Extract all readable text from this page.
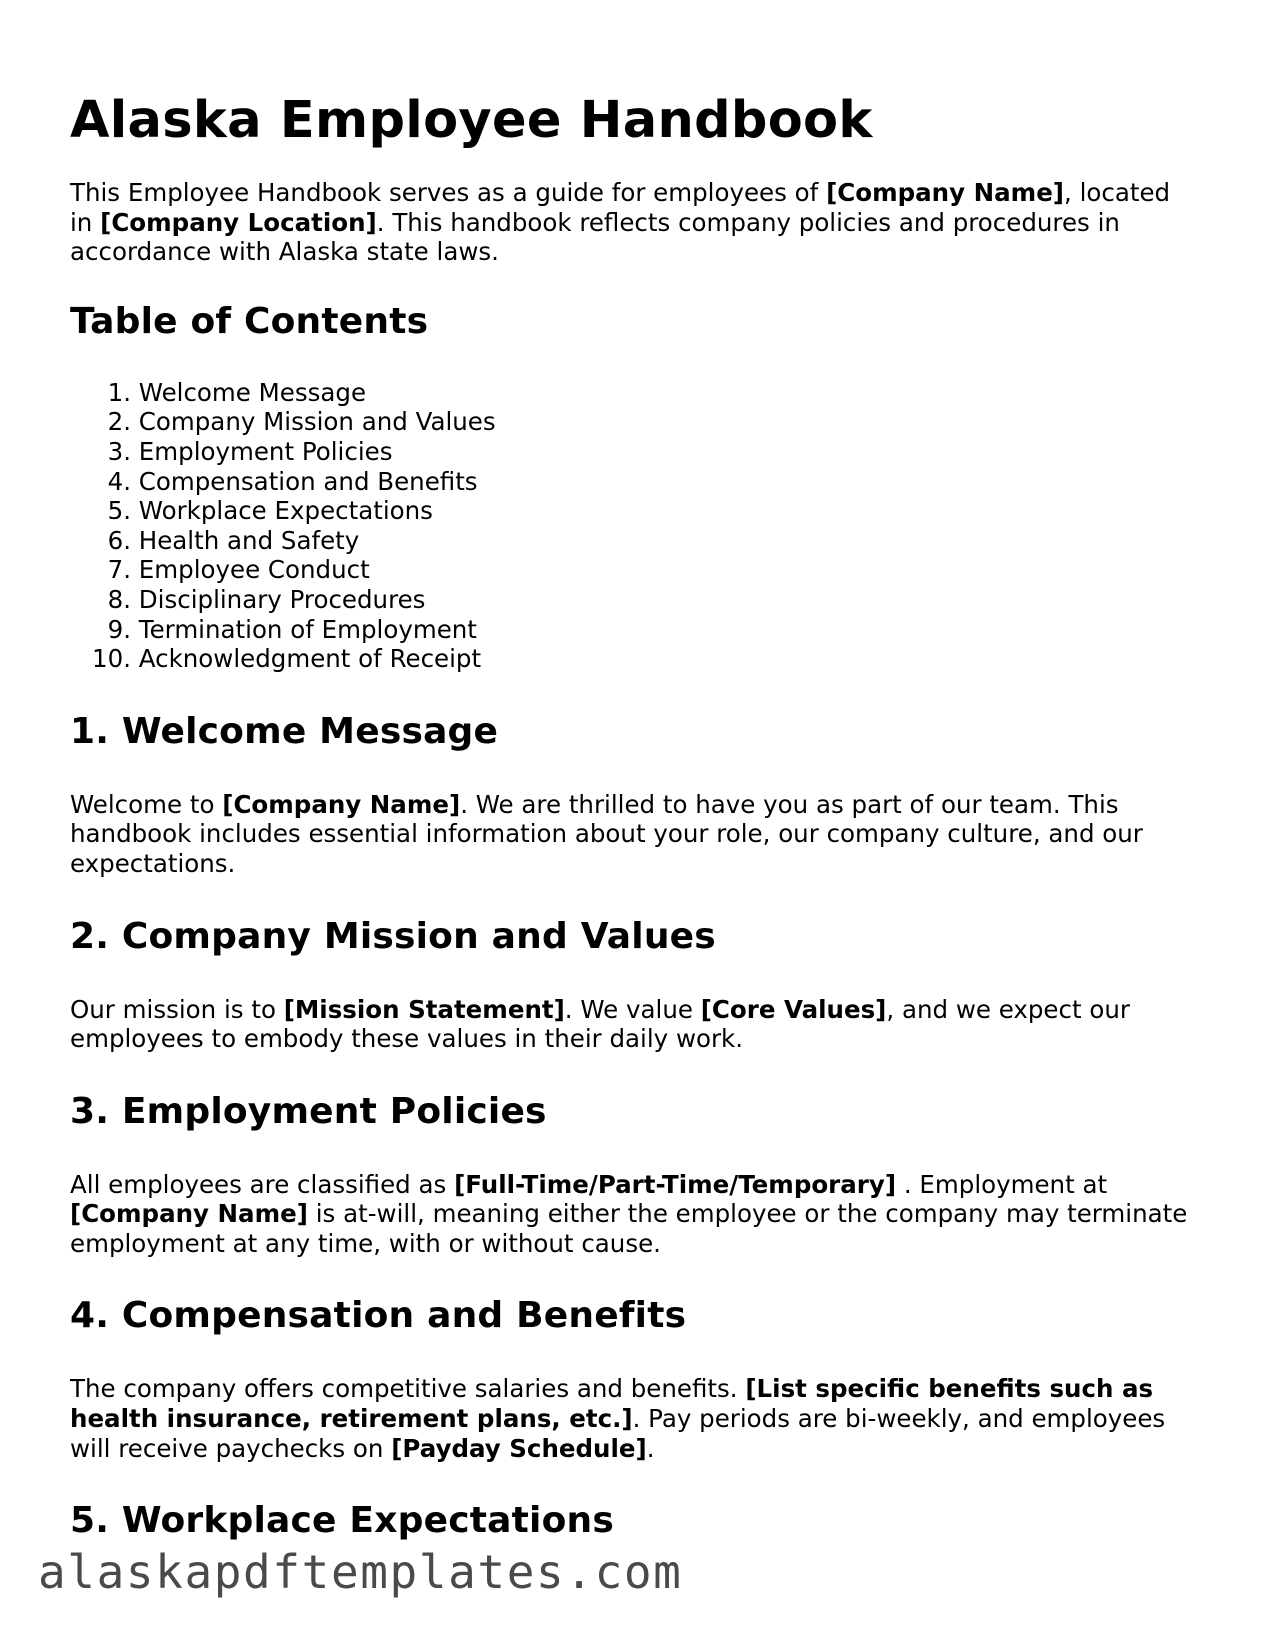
Alaska Employee Handbook

This Employee Handbook serves as a guide for employees of [Company Name], located in [Company Location]. This handbook reflects company policies and procedures in accordance with Alaska state laws.

Table of Contents
1.
Welcome Message
2.
Company Mission and Values
3.
Employment Policies
4.
Compensation and Benefits
5.
Workplace Expectations
6.
Health and Safety
7.
Employee Conduct
8.
Disciplinary Procedures
9.
Termination of Employment
10.
Acknowledgment of Receipt
1. Welcome Message

Welcome to [Company Name]. We are thrilled to have you as part of our team. This handbook includes essential information about your role, our company culture, and our expectations.

2. Company Mission and Values

Our mission is to [Mission Statement]. We value [Core Values], and we expect our employees to embody these values in their daily work.

3. Employment Policies

All employees are classified as [Full-Time/Part-Time/Temporary] . Employment at [Company Name] is at-will, meaning either the employee or the company may terminate employment at any time, with or without cause.

4. Compensation and Benefits

The company offers competitive salaries and benefits. [List specific benefits such as health insurance, retirement plans, etc.]. Pay periods are bi-weekly, and employees will receive paychecks on [Payday Schedule].

5. Workplace Expectations
alaskapdftemplates.com
